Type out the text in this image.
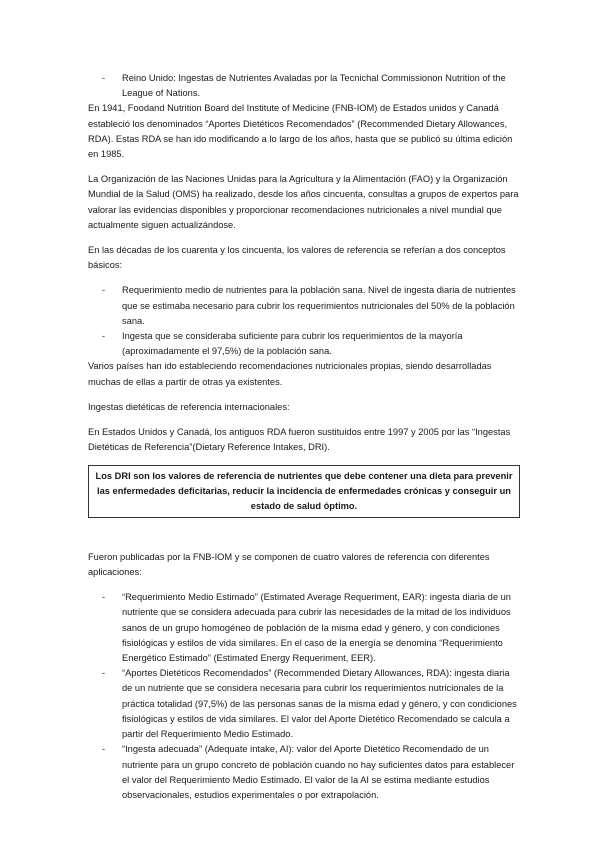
- Reino Unido: Ingestas de Nutrientes Avaladas por la Tecnichal Commissionon Nutrition of the League of Nations.

En 1941, Foodand Nutrition Board del Institute of Medicine (FNB-IOM) de Estados unidos y Canadá estableció los denominados “Aportes Dietéticos Recomendados” (Recommended Dietary Allowances, RDA). Estas RDA se han ido modificando a lo largo de los años, hasta que se publicó su última edición en 1985.

La Organización de las Naciones Unidas para la Agricultura y la Alimentación (FAO) y la Organización Mundial de la Salud (OMS) ha realizado, desde los años cincuenta, consultas a grupos de expertos para valorar las evidencias disponibles y proporcionar recomendaciones nutricionales a nivel mundial que actualmente siguen actualizándose.

En las décadas de los cuarenta y los cincuenta, los valores de referencia se referían a dos conceptos básicos:

- Requerimiento medio de nutrientes para la población sana. Nivel de ingesta diaria de nutrientes que se estimaba necesario para cubrir los requerimientos nutricionales del 50% de la población sana.
- Ingesta que se consideraba suficiente para cubrir los requerimientos de la mayoría (aproximadamente el 97,5%) de la población sana.

Varios países han ido estableciendo recomendaciones nutricionales propias, siendo desarrolladas muchas de ellas a partir de otras ya existentes.

Ingestas dietéticas de referencia internacionales:

En Estados Unidos y Canadá, los antiguos RDA fueron sustituidos entre 1997 y 2005 por las “Ingestas Dietéticas de Referencia”(Dietary Reference Intakes, DRI).

Los DRI son los valores de referencia de nutrientes que debe contener una dieta para prevenir las enfermedades deficitarias, reducir la incidencia de enfermedades crónicas y conseguir un estado de salud óptimo.

Fueron publicadas por la FNB-IOM y se componen de cuatro valores de referencia con diferentes aplicaciones:

- “Requerimiento Medio Estimado” (Estimated Average Requeriment, EAR): ingesta diaria de un nutriente que se considera adecuada para cubrir las necesidades de la mitad de los individuos sanos de un grupo homogéneo de población de la misma edad y género, y con condiciones fisiológicas y estilos de vida similares. En el caso de la energía se denomina “Requerimiento Energético Estimado” (Estimated Energy Requeriment, EER).
- “Aportes Dietéticos Recomendados” (Recommended Dietary Allowances, RDA): ingesta diaria de un nutriente que se considera necesaria para cubrir los requerimientos nutricionales de la práctica totalidad (97,5%) de las personas sanas de la misma edad y género, y con condiciones fisiológicas y estilos de vida similares. El valor del Aporte Dietético Recomendado se calcula a partir del Requerimiento Medio Estimado.
- “Ingesta adecuada” (Adequate intake, AI): valor del Aporte Dietético Recomendado de un nutriente para un grupo concreto de población cuando no hay suficientes datos para establecer el valor del Requerimiento Medio Estimado. El valor de la AI se estima mediante estudios observacionales, estudios experimentales o por extrapolación.
